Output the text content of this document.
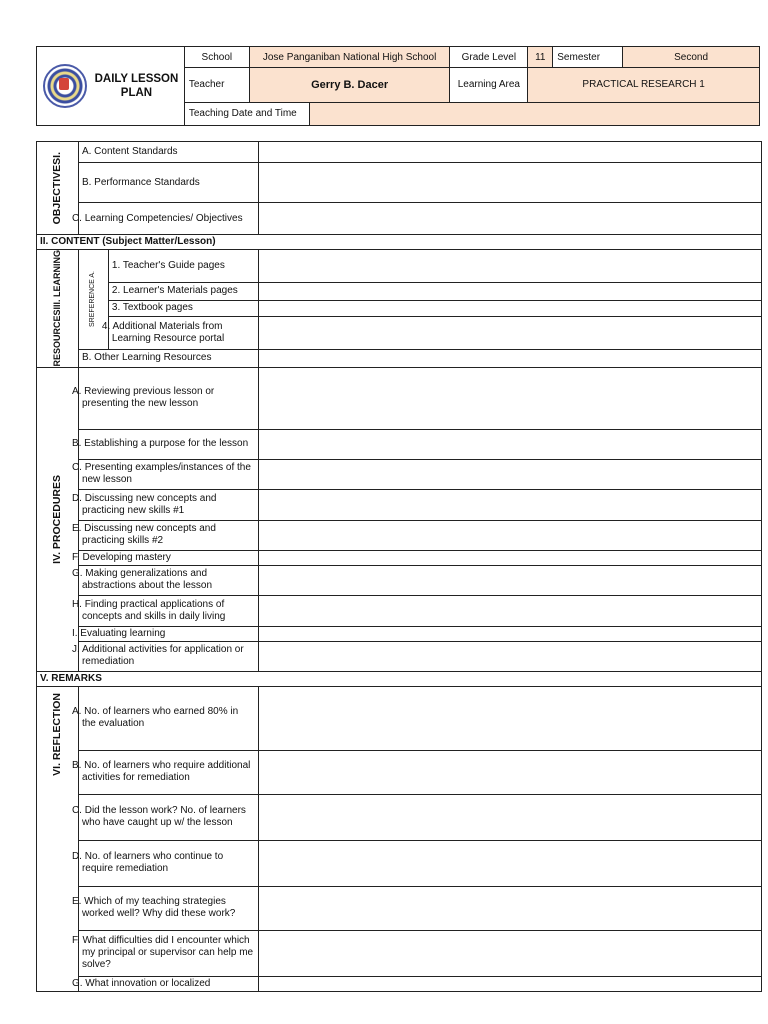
DAILY LESSON PLAN	School	Jose Panganiban National High School		Grade Level	11	Semester	Second
	Teacher	Gerry B. Dacer		Learning Area	PRACTICAL RESEARCH 1		
	Teaching Date and Time						
OBJECTIVESI.	A. Content Standards		
	B. Performance Standards		
	C. Learning Competencies/ Objectives		
II. CONTENT (Subject Matter/Lesson)			

RESOURCESIII. LEARNING	SREFERENCE A.	1. Teacher's Guide pages	
		2. Learner's Materials pages	
		3. Textbook pages	
		4. Additional Materials from Learning Resource portal	
	B. Other Learning Resources		

IV. PROCEDURES	A. Reviewing previous lesson or presenting the new lesson		
	B. Establishing a purpose for the lesson		
	C. Presenting examples/instances of the new lesson		
	D. Discussing new concepts and practicing new skills #1		
	E. Discussing new concepts and practicing skills #2		
	F. Developing mastery		
	G. Making generalizations and abstractions about the lesson		
	H. Finding practical applications of concepts and skills in daily living		
	I. Evaluating learning		
	J. Additional activities for application or remediation		
V. REMARKS			

VI. REFLECTION	A. No. of learners who earned 80% in the evaluation		
	B. No. of learners who require additional activities for remediation		
	C. Did the lesson work? No. of learners who have caught up w/ the lesson		
	D. No. of learners who continue to require remediation		
	E. Which of my teaching strategies worked well? Why did these work?		
	F. What difficulties did I encounter which my principal or supervisor can help me solve?		
	G. What innovation or localized		
